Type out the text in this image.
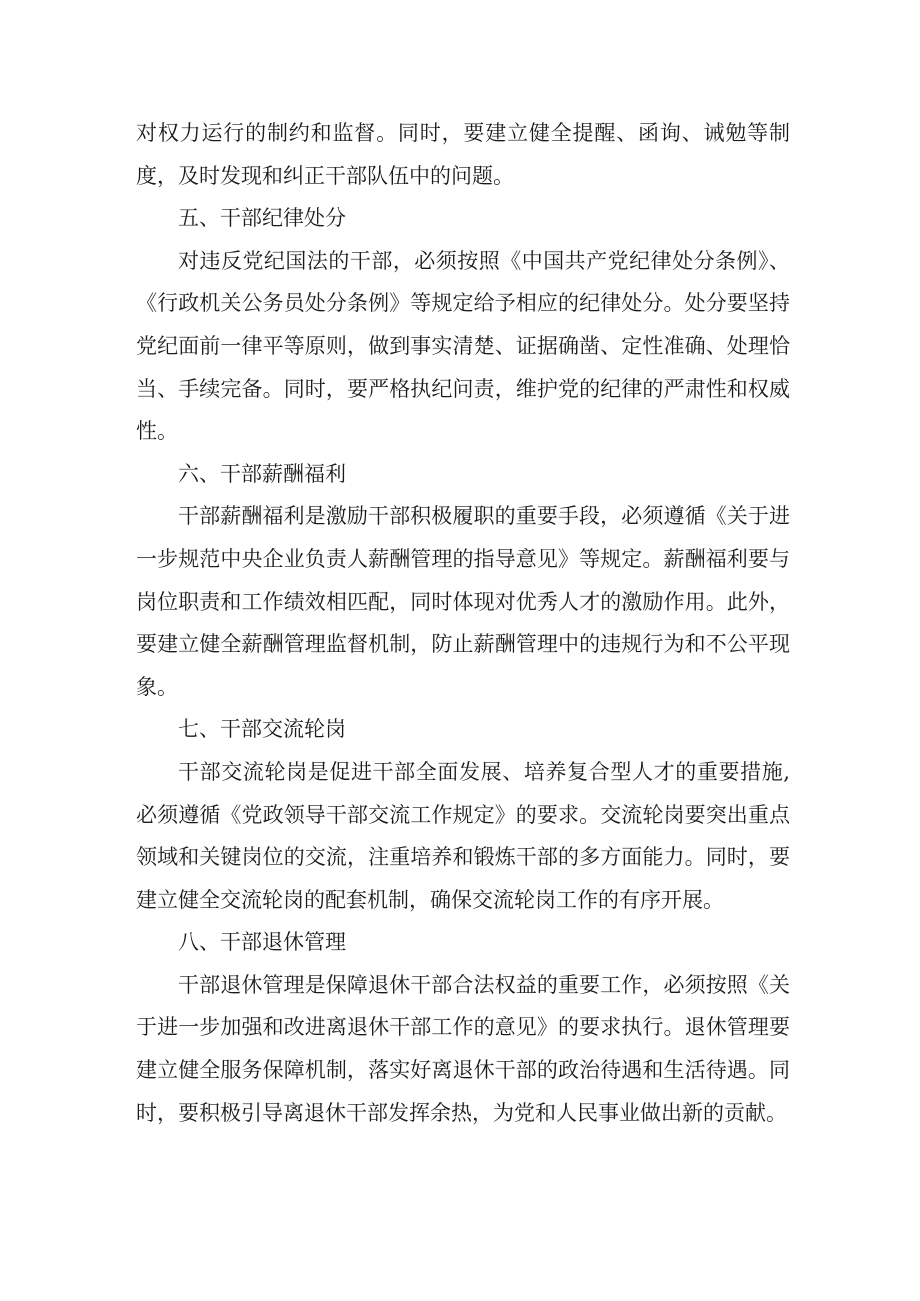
对权力运行的制约和监督。同时，要建立健全提醒、函询、诫勉等制度，及时发现和纠正干部队伍中的问题。

五、干部纪律处分

对违反党纪国法的干部，必须按照《中国共产党纪律处分条例》、《行政机关公务员处分条例》等规定给予相应的纪律处分。处分要坚持党纪面前一律平等原则，做到事实清楚、证据确凿、定性准确、处理恰当、手续完备。同时，要严格执纪问责，维护党的纪律的严肃性和权威性。

六、干部薪酬福利

干部薪酬福利是激励干部积极履职的重要手段，必须遵循《关于进一步规范中央企业负责人薪酬管理的指导意见》等规定。薪酬福利要与岗位职责和工作绩效相匹配，同时体现对优秀人才的激励作用。此外，要建立健全薪酬管理监督机制，防止薪酬管理中的违规行为和不公平现象。

七、干部交流轮岗

干部交流轮岗是促进干部全面发展、培养复合型人才的重要措施,必须遵循《党政领导干部交流工作规定》的要求。交流轮岗要突出重点领域和关键岗位的交流，注重培养和锻炼干部的多方面能力。同时，要建立健全交流轮岗的配套机制，确保交流轮岗工作的有序开展。

八、干部退休管理

干部退休管理是保障退休干部合法权益的重要工作，必须按照《关于进一步加强和改进离退休干部工作的意见》的要求执行。退休管理要建立健全服务保障机制，落实好离退休干部的政治待遇和生活待遇。同时，要积极引导离退休干部发挥余热，为党和人民事业做出新的贡献。
